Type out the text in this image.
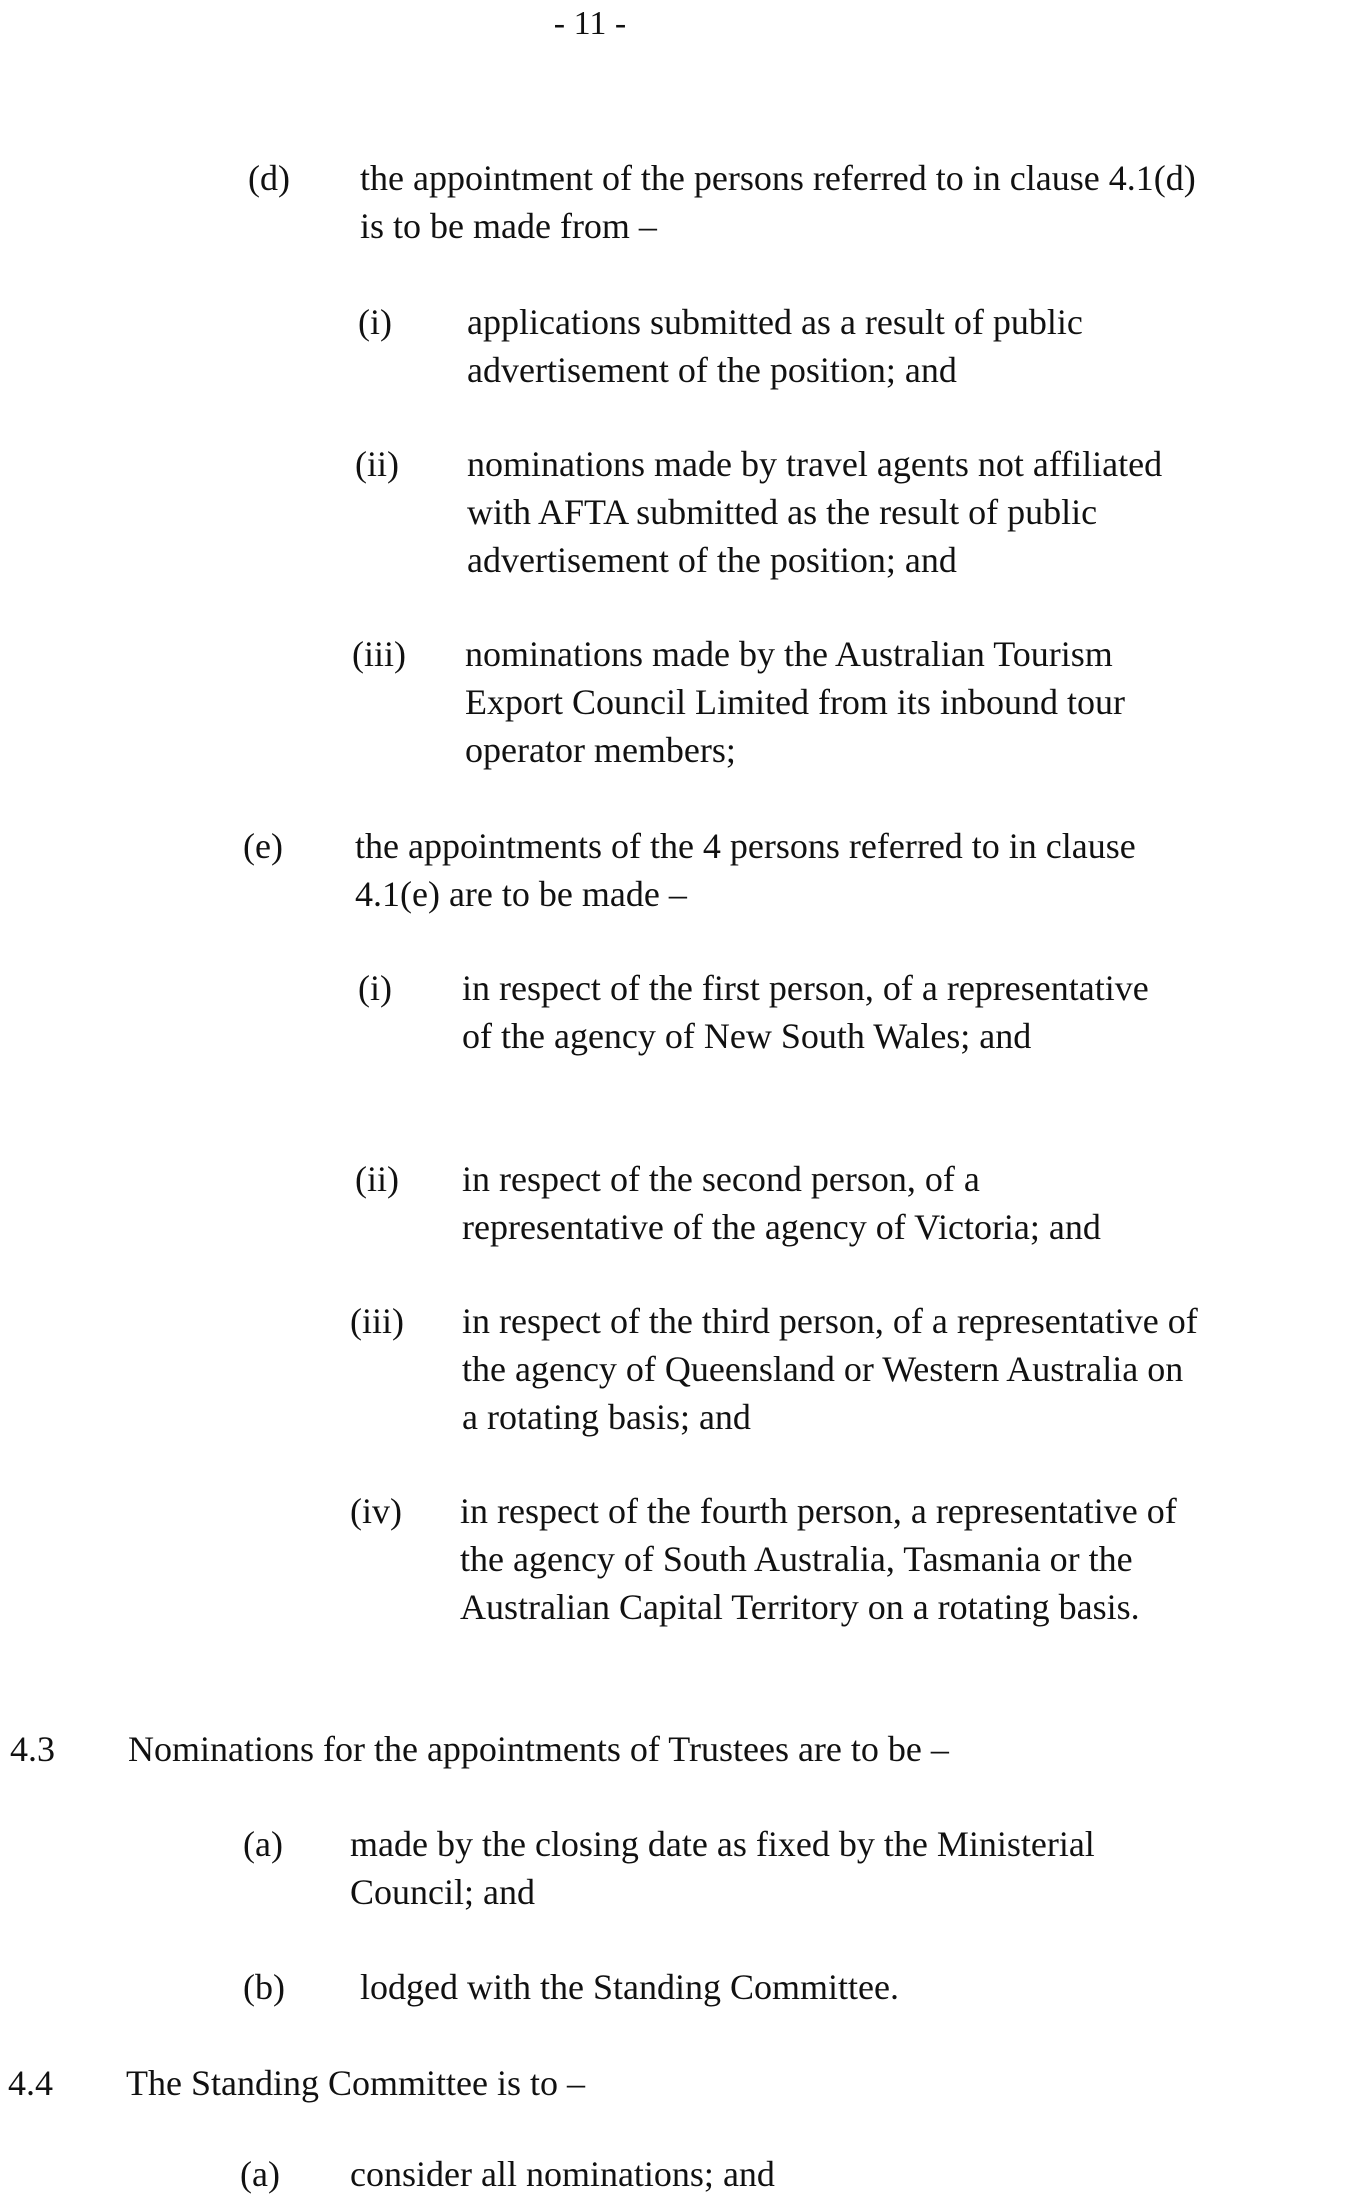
- 11 -
(d) the appointment of the persons referred to in clause 4.1(d) is to be made from –
(i) applications submitted as a result of public advertisement of the position; and
(ii) nominations made by travel agents not affiliated with AFTA submitted as the result of public advertisement of the position; and
(iii) nominations made by the Australian Tourism Export Council Limited from its inbound tour operator members;
(e) the appointments of the 4 persons referred to in clause 4.1(e) are to be made –
(i) in respect of the first person, of a representative of the agency of New South Wales; and
(ii) in respect of the second person, of a representative of the agency of Victoria; and
(iii) in respect of the third person, of a representative of the agency of Queensland or Western Australia on a rotating basis; and
(iv) in respect of the fourth person, a representative of the agency of South Australia, Tasmania or the Australian Capital Territory on a rotating basis.
4.3 Nominations for the appointments of Trustees are to be –
(a) made by the closing date as fixed by the Ministerial Council; and
(b) lodged with the Standing Committee.
4.4 The Standing Committee is to –
(a) consider all nominations; and
